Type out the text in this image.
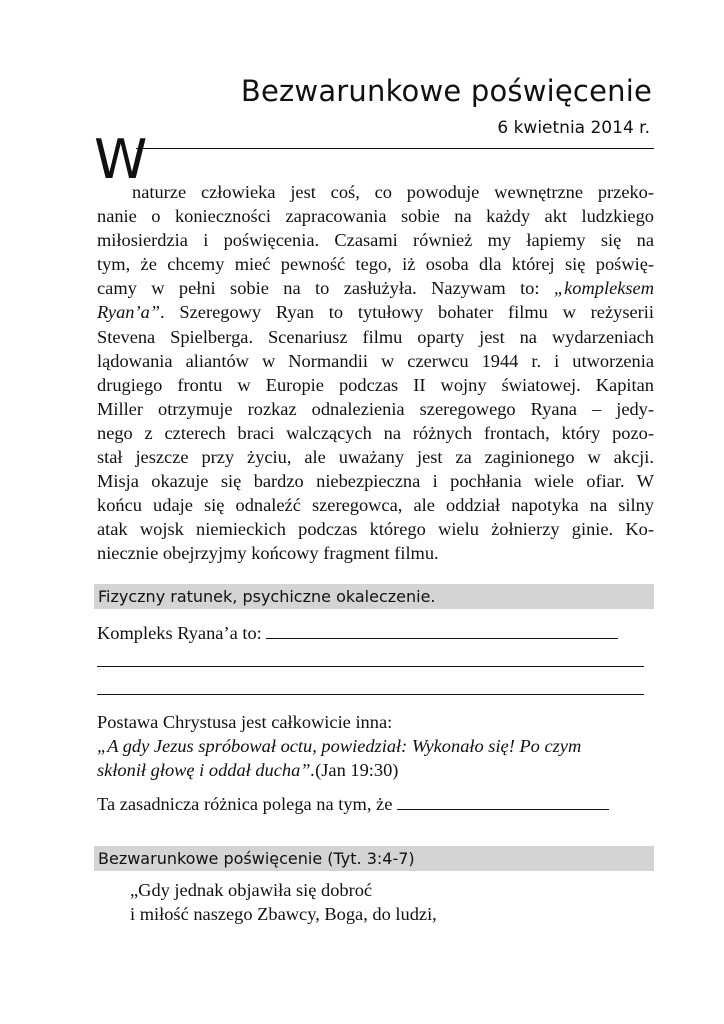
Bezwarunkowe poświęcenie
6 kwietnia 2014 r.
W
naturze człowieka jest coś, co powoduje wewnętrzne przeko-
nanie o konieczności zapracowania sobie na każdy akt ludzkiego
miłosierdzia i poświęcenia. Czasami również my łapiemy się na
tym, że chcemy mieć pewność tego, iż osoba dla której się poświę-
camy w pełni sobie na to zasłużyła. Nazywam to: „kompleksem
Ryan’a”. Szeregowy Ryan to tytułowy bohater filmu w reżyserii
Stevena Spielberga. Scenariusz filmu oparty jest na wydarzeniach
lądowania aliantów w Normandii w czerwcu 1944 r. i utworzenia
drugiego frontu w Europie podczas II wojny światowej. Kapitan
Miller otrzymuje rozkaz odnalezienia szeregowego Ryana – jedy-
nego z czterech braci walczących na różnych frontach, który pozo-
stał jeszcze przy życiu, ale uważany jest za zaginionego w akcji.
Misja okazuje się bardzo niebezpieczna i pochłania wiele ofiar. W
końcu udaje się odnaleźć szeregowca, ale oddział napotyka na silny
atak wojsk niemieckich podczas którego wielu żołnierzy ginie. Ko-
niecznie obejrzyjmy końcowy fragment filmu.
Fizyczny ratunek, psychiczne okaleczenie.
Kompleks Ryana’a to:
Postawa Chrystusa jest całkowicie inna:
„A gdy Jezus spróbował octu, powiedział: Wykonało się! Po czym
skłonił głowę i oddał ducha”.(Jan 19:30)
Ta zasadnicza różnica polega na tym, że
Bezwarunkowe poświęcenie (Tyt. 3:4-7)
„Gdy jednak objawiła się dobroć
i miłość naszego Zbawcy, Boga, do ludzi,
